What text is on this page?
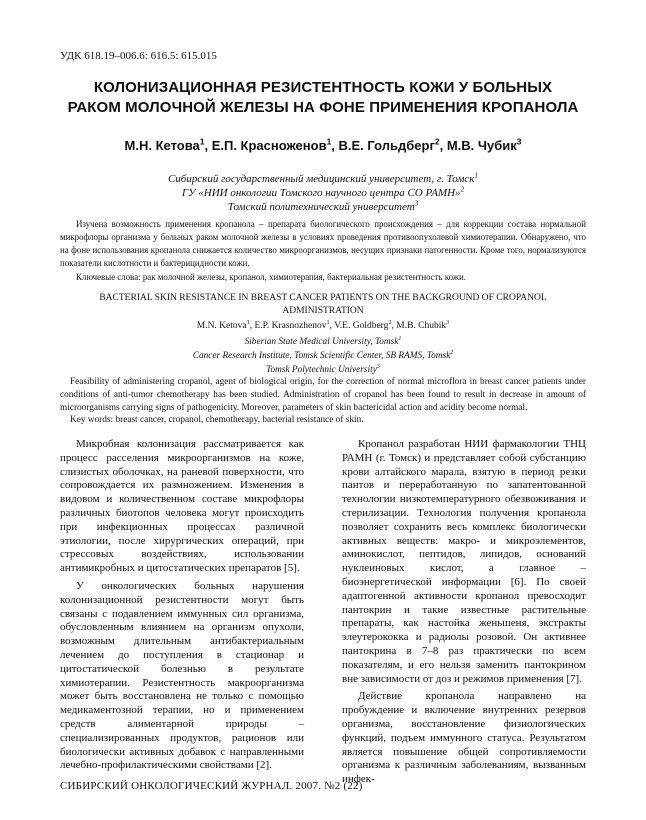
УДК 618.19–006.6: 616.5: 615.015
КОЛОНИЗАЦИОННАЯ РЕЗИСТЕНТНОСТЬ КОЖИ У БОЛЬНЫХ
РАКОМ МОЛОЧНОЙ ЖЕЛЕЗЫ НА ФОНЕ ПРИМЕНЕНИЯ КРОПАНОЛА
М.Н. Кетова$^1$, Е.П. Красноженов$^1$, В.Е. Гольдберг$^2$, М.В. Чубик$^3$
Сибирский государственный медицинский университет, г. Томск$^1$
ГУ «НИИ онкологии Томского научного центра СО РАМН»$^2$
Томский политехнический университет$^3$
Изучена возможность применения кропанола – препарата биологического происхождения – для коррекции состава нормальной микрофлоры организма у больных раком молочной железы в условиях проведения противоопухолевой химиотерапии. Обнаружено, что на фоне использования кропанола снижается количество микроорганизмов, несущих признаки патогенности. Кроме того, нормализуются показатели кислотности и бактерицидности кожи.
Ключевые слова: рак молочной железы, кропанол, химиотерапия, бактериальная резистентность кожи.
BACTERIAL SKIN RESISTANCE IN BREAST CANCER PATIENTS ON THE BACKGROUND OF CROPANOL ADMINISTRATION
M.N. Ketova$^1$, E.P. Krasnozhenov$^1$, V.E. Goldberg$^2$, M.B. Chubik$^3$
Siberian State Medical University, Tomsk$^1$
Cancer Research Institute, Tomsk Scientific Center, SB RAMS, Tomsk$^2$
Tomsk Polytechnic University$^3$
Feasibility of administering cropanol, agent of biological origin, for the correction of normal microflora in breast cancer patients under conditions of anti-tumor chemotherapy has been studied. Administration of cropanol has been found to result in decrease in amount of microorganisms carrying signs of pathogenicity. Moreover, parameters of skin bactericidal action and acidity become normal.
Key words: breast cancer, cropanol, chemotherapy, bacterial resistance of skin.

Микробная колонизация рассматривается как процесс расселения микроорганизмов на коже, слизистых оболочках, на раневой поверхности, что сопровождается их размножением. Изменения в видовом и количественном составе микрофлоры различных биотопов человека могут происходить при инфекционных процессах различной этиологии, после хирургических операций, при стрессовых воздействиях, использовании антимикробных и цитостатических препаратов [5].

У онкологических больных нарушения колонизационной резистентности могут быть связаны с подавлением иммунных сил организма, обусловленным влиянием на организм опухоли, возможным длительным антибактериальным лечением до поступления в стационар и цитостатической болезнью в результате химиотерапии. Резистентность макроорганизма может быть восстановлена не только с помощью медикаментозной терапии, но и применением средств алиментарной природы – специализированных продуктов, рационов или биологически активных добавок с направленными лечебно-профилактическими свойствами [2].

Кропанол разработан НИИ фармакологии ТНЦ РАМН (г. Томск) и представляет собой субстанцию крови алтайского марала, взятую в период резки пантов и переработанную по запатентованной технологии низкотемпературного обезвоживания и стерилизации. Технология получения кропанола позволяет сохранить весь комплекс биологически активных веществ: макро- и микроэлементов, аминокислот, пептидов, липидов, оснований нуклеиновых кислот, а главное – биоэнергетической информации [6]. По своей адаптогенной активности кропанол превосходит пантокрин и такие известные растительные препараты, как настойка женьшеня, экстракты элеутерококка и радиолы розовой. Он активнее пантокрина в 7–8 раз практически по всем показателям, и его нельзя заменить пантокрином вне зависимости от доз и режимов применения [7].

Действие кропанола направлено на пробуждение и включение внутренних резервов организма, восстановление физиологических функций, подъем иммунного статуса. Результатом является повышение общей сопротивляемости организма к различным заболеваниям, вызванным инфек-

СИБИРСКИЙ ОНКОЛОГИЧЕСКИЙ ЖУРНАЛ. 2007. №2 (22)
